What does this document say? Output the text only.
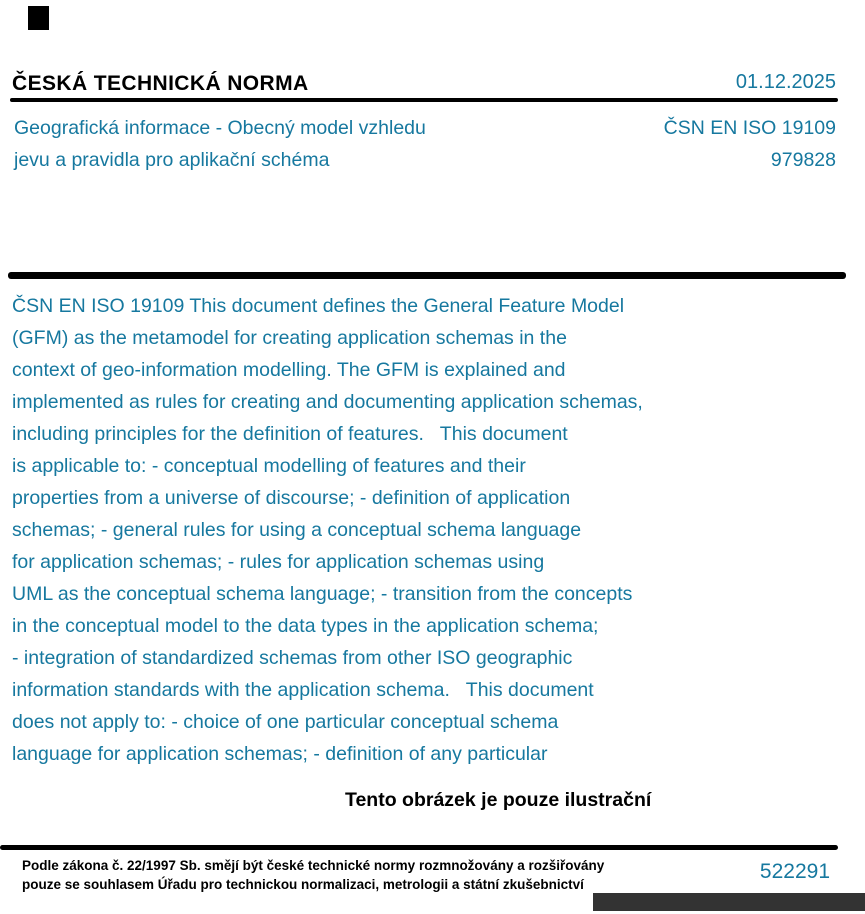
ČESKÁ TECHNICKÁ NORMA	01.12.2025
Geografická informace - Obecný model vzhledu
jevu a pravidla pro aplikační schéma
ČSN EN ISO 19109
979828
ČSN EN ISO 19109 This document defines the General Feature Model
(GFM) as the metamodel for creating application schemas in the
context of geo-information modelling. The GFM is explained and
implemented as rules for creating and documenting application schemas,
including principles for the definition of features.   This document
is applicable to: - conceptual modelling of features and their
properties from a universe of discourse; - definition of application
schemas; - general rules for using a conceptual schema language
for application schemas; - rules for application schemas using
UML as the conceptual schema language; - transition from the concepts
in the conceptual model to the data types in the application schema;
- integration of standardized schemas from other ISO geographic
information standards with the application schema.   This document
does not apply to: - choice of one particular conceptual schema
language for application schemas; - definition of any particular
Tento obrázek je pouze ilustrační
Podle zákona č. 22/1997 Sb. smějí být české technické normy rozmnožovány a rozšiřovány
pouze se souhlasem Úřadu pro technickou normalizaci, metrologii a státní zkušebnictví
522291
